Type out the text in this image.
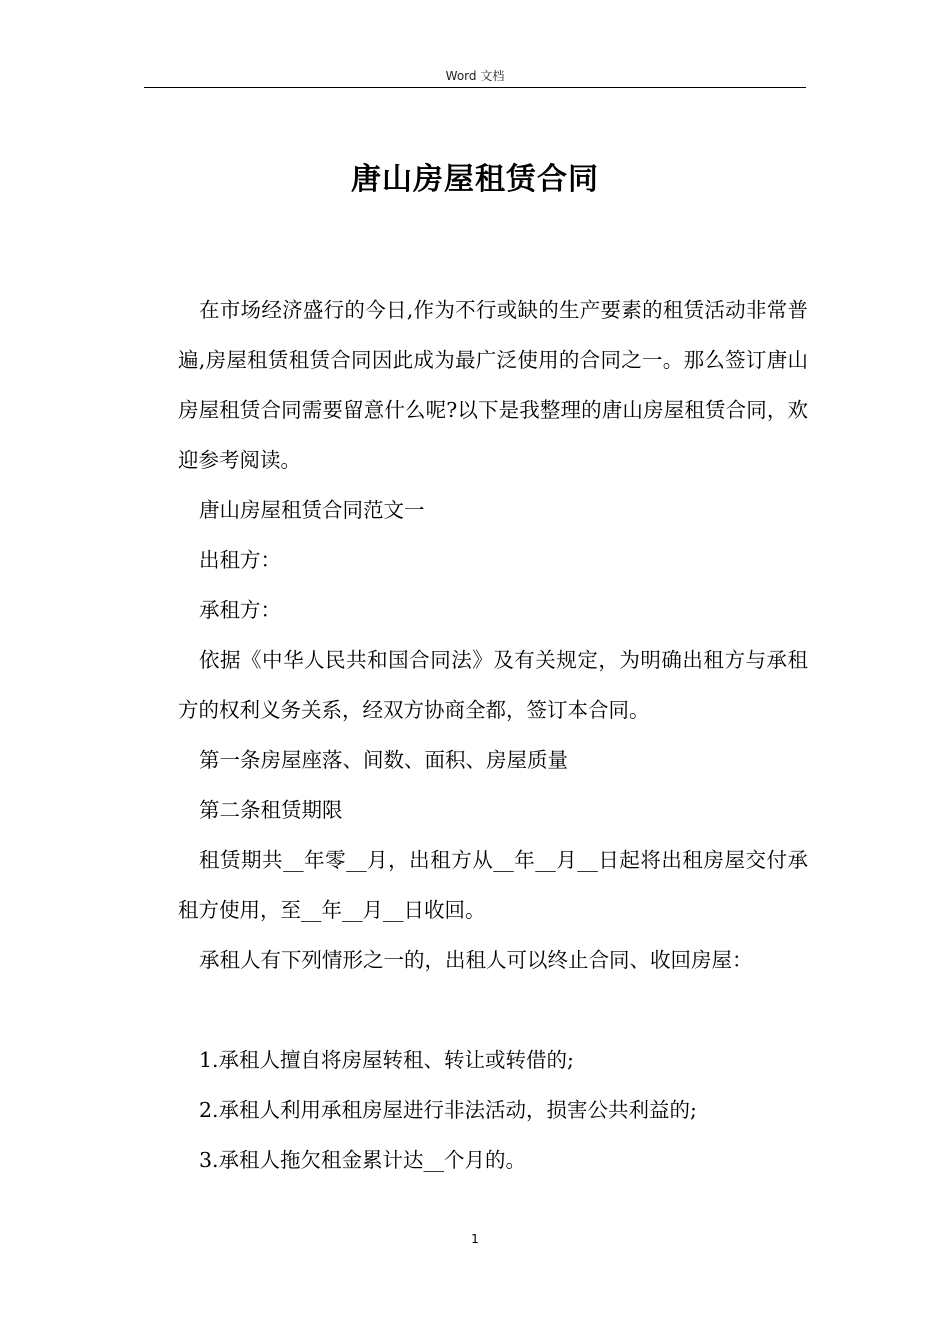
Word 文档
唐山房屋租赁合同

在市场经济盛行的今日,作为不行或缺的生产要素的租赁活动非常普遍,房屋租赁租赁合同因此成为最广泛使用的合同之一。那么签订唐山房屋租赁合同需要留意什么呢?以下是我整理的唐山房屋租赁合同，欢迎参考阅读。

唐山房屋租赁合同范文一

出租方：

承租方：

依据《中华人民共和国合同法》及有关规定，为明确出租方与承租方的权利义务关系，经双方协商全都，签订本合同。

第一条房屋座落、间数、面积、房屋质量

第二条租赁期限

租赁期共__年零__月，出租方从__年__月__日起将出租房屋交付承租方使用，至__年__月__日收回。

承租人有下列情形之一的，出租人可以终止合同、收回房屋：

1.承租人擅自将房屋转租、转让或转借的;

2.承租人利用承租房屋进行非法活动，损害公共利益的;

3.承租人拖欠租金累计达__个月的。

1
